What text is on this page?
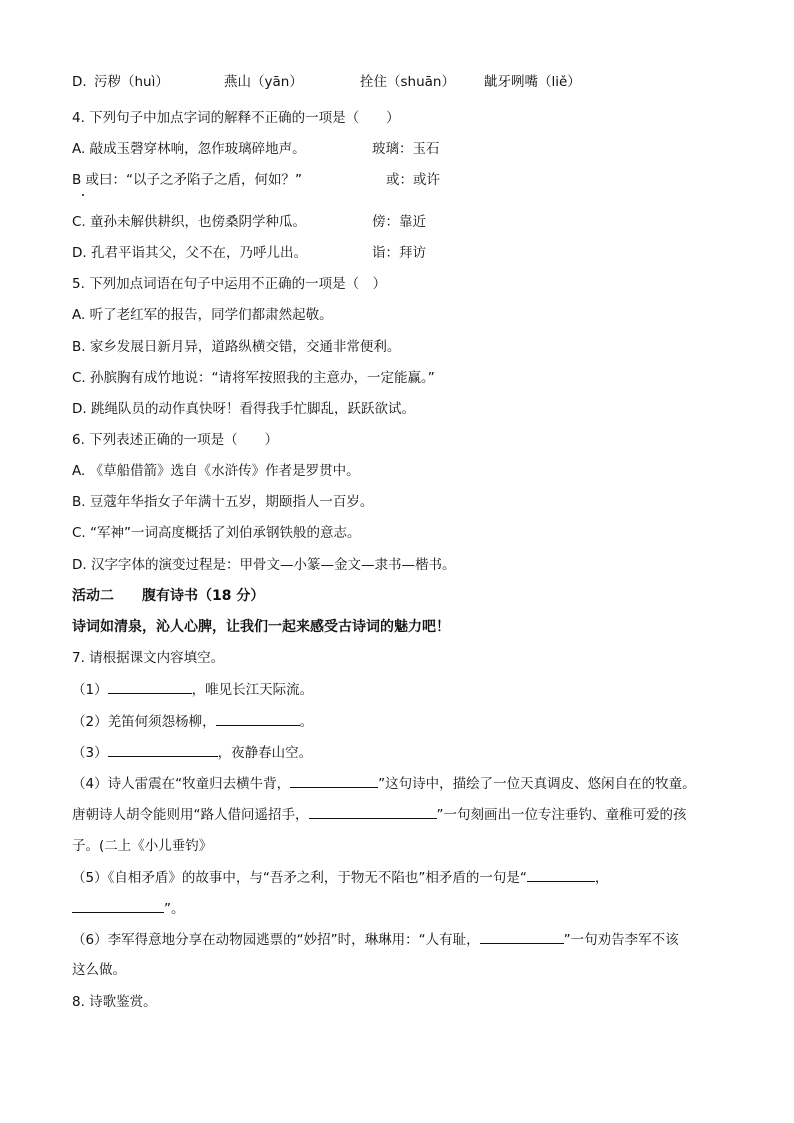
D. 污秽（huì）	燕山（yān）	拴住（shuān） 龇牙咧嘴（liě）
4. 下列句子中加点字词的解释不正确的一项是（　　）
A. 敲成玉磬穿林响，忽作玻璃碎地声。	玻璃：玉石
B 或曰：“以子之矛陷子之盾，何如？”	或：或许
C. 童孙未解供耕织，也傍桑阴学种瓜。	傍：靠近
D. 孔君平诣其父，父不在，乃呼儿出。	诣：拜访
5. 下列加点词语在句子中运用不正确的一项是（　）
A. 听了老红军的报告，同学们都肃然起敬。
B. 家乡发展日新月异，道路纵横交错，交通非常便利。
C. 孙膑胸有成竹地说：“请将军按照我的主意办，一定能赢。”
D. 跳绳队员的动作真快呀！看得我手忙脚乱，跃跃欲试。
6. 下列表述正确的一项是（　　）
A. 《草船借箭》选自《水浒传》作者是罗贯中。
B. 豆蔻年华指女子年满十五岁，期颐指人一百岁。
C. “军神”一词高度概括了刘伯承钢铁般的意志。
D. 汉字字体的演变过程是：甲骨文—小篆—金文—隶书—楷书。
活动二　　腹有诗书（18 分）
诗词如清泉，沁人心脾，让我们一起来感受古诗词的魅力吧！
7. 请根据课文内容填空。
（1）	，唯见长江天际流。
（2）羌笛何须怨杨柳，	。
（3）	，夜静春山空。
（4）诗人雷震在“牧童归去横牛背，	”这句诗中，描绘了一位天真调皮、悠闲自在的牧童。
唐朝诗人胡令能则用“路人借问遥招手，	”一句刻画出一位专注垂钓、童稚可爱的孩
子。(二上《小儿垂钓》
（5）《自相矛盾》的故事中，与“吾矛之利，于物无不陷也”相矛盾的一句是“	，
”。
（6）李军得意地分享在动物园逃票的“妙招”时，琳琳用：“人有耻，	”一句劝告李军不该
这么做。
8. 诗歌鉴赏。
